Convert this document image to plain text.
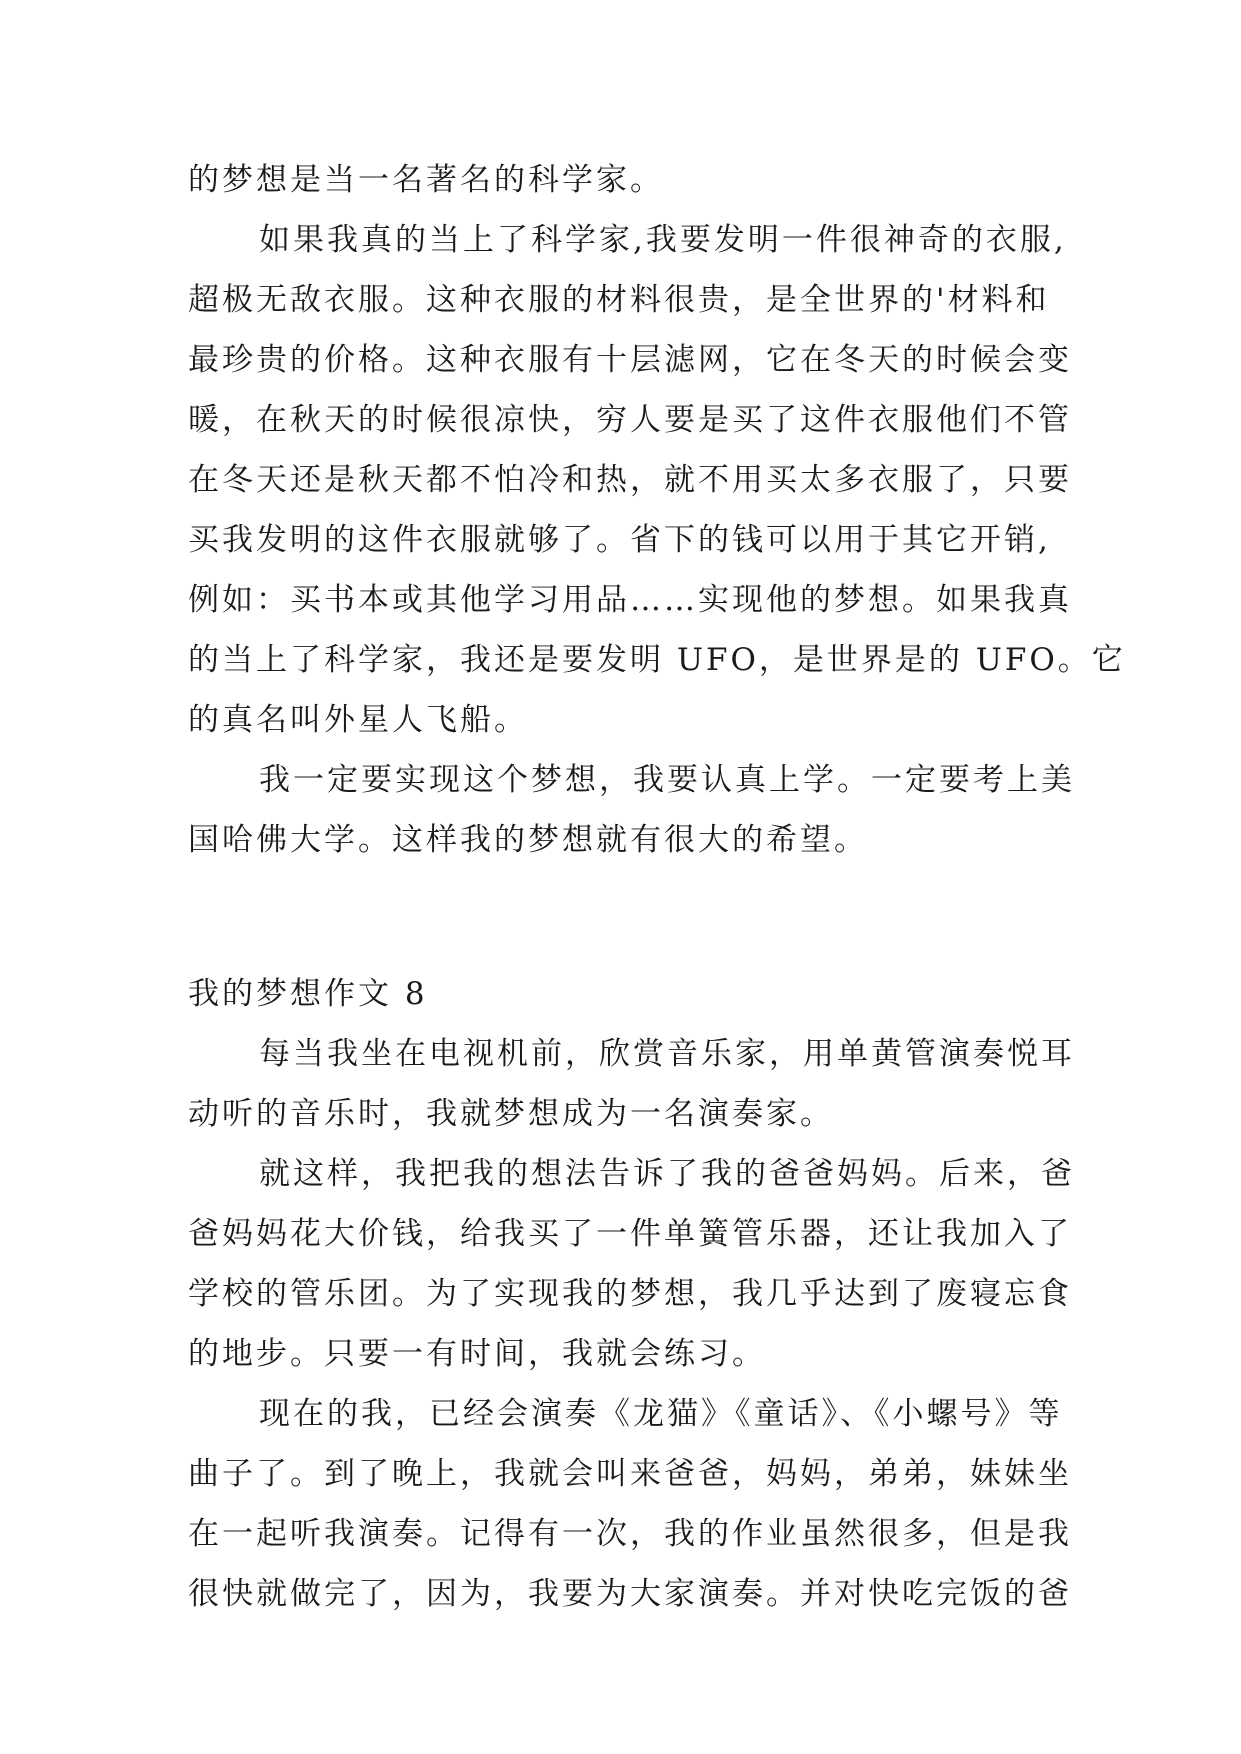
的梦想是当一名著名的科学家。
如果我真的当上了科学家,我要发明一件很神奇的衣服,
超极无敌衣服。这种衣服的材料很贵，是全世界的'材料和
最珍贵的价格。这种衣服有十层滤网，它在冬天的时候会变
暖，在秋天的时候很凉快，穷人要是买了这件衣服他们不管
在冬天还是秋天都不怕冷和热，就不用买太多衣服了，只要
买我发明的这件衣服就够了。省下的钱可以用于其它开销,
例如：买书本或其他学习用品……实现他的梦想。如果我真
的当上了科学家，我还是要发明 UFO，是世界是的 UFO。它
的真名叫外星人飞船。
我一定要实现这个梦想，我要认真上学。一定要考上美
国哈佛大学。这样我的梦想就有很大的希望。
我的梦想作文 8
每当我坐在电视机前，欣赏音乐家，用单黄管演奏悦耳
动听的音乐时，我就梦想成为一名演奏家。
就这样，我把我的想法告诉了我的爸爸妈妈。后来，爸
爸妈妈花大价钱，给我买了一件单簧管乐器，还让我加入了
学校的管乐团。为了实现我的梦想，我几乎达到了废寝忘食
的地步。只要一有时间，我就会练习。
现在的我，已经会演奏《龙猫》《童话》、《小螺号》等
曲子了。到了晚上，我就会叫来爸爸，妈妈，弟弟，妹妹坐
在一起听我演奏。记得有一次，我的作业虽然很多，但是我
很快就做完了，因为，我要为大家演奏。并对快吃完饭的爸
